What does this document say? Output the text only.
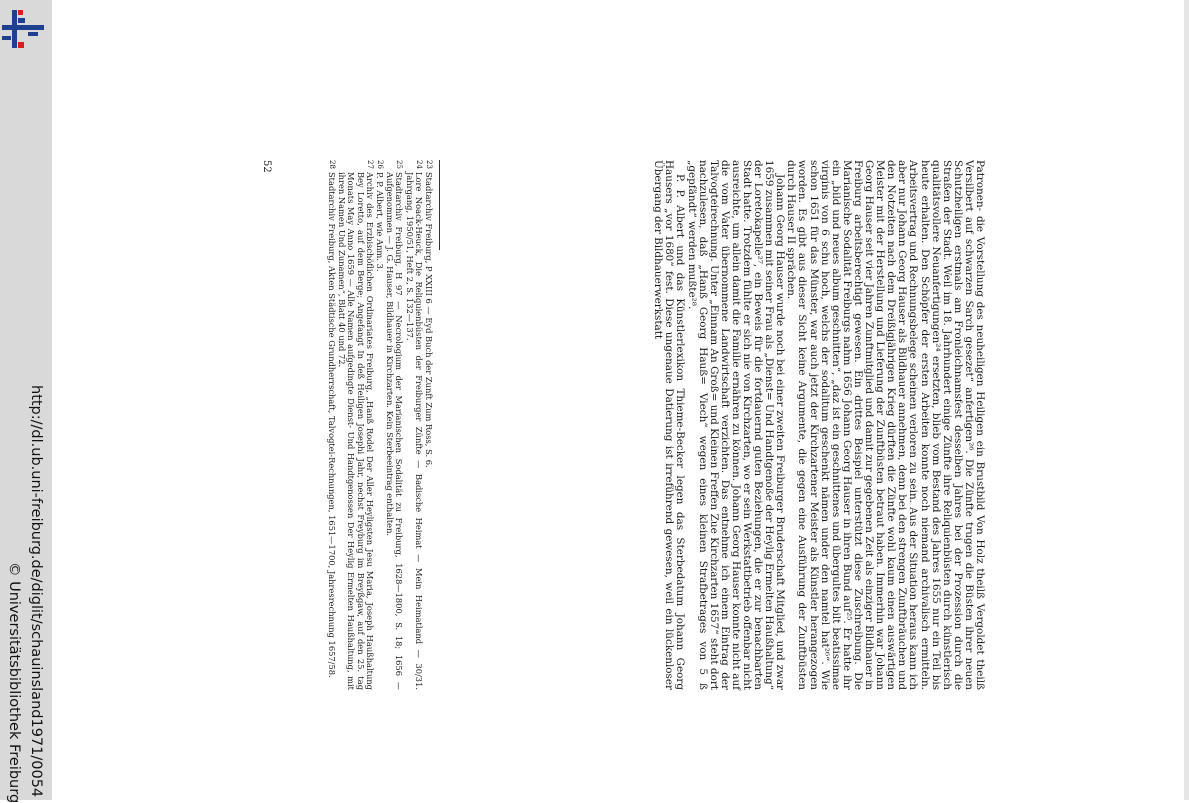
http://dl.ub.uni-freiburg.de/diglit/schauinsland1971/0054
© Universitätsbibliothek Freiburg	Patronen- die Vorstellung des neuheiligen Heiligen ein Brustbild Von Holz theilß Vergoldet theilß Versilbert auf schwarzen Sarch gesezet“ anfertigen²⁶. Die Zünfte trugen die Büsten ihrer neuen Schutzheiligen erstmals am Fronleichnamsfest desselben Jahres bei der Prozession durch die Straßen der Stadt. Weil im 18. Jahrhundert einige Zünfte ihre Reliquienbüsten durch künstlerisch qualitätsvollere Neuanfertigungen²⁴ ersetzten, blieb vom Bestand des Jahres 1655 nur ein Teil bis heute erhalten. Den Schöpfer der ersten Arbeiten konnte noch niemand archivalisch ermitteln. Arbeitsvertrag und Rechnungsbelege scheinen verloren zu sein. Aus der Situation heraus kann ich aber nur Johann Georg Hauser als Bildhauer annehmen, denn bei den strengen Zunftbräuchen und den Notzeiten nach dem Dreißigjährigen Krieg dürften die Zünfte wohl kaum einen auswärtigen Meister mit der Herstellung und Lieferung der Zunftbüsten betraut haben. Immerhin war Johann Georg Hauser seit vier Jahren Zunftmitglied und damit zur gegebenen Zeit als einziger Bildhauer in Freiburg arbeitsberechtigt gewesen. Ein drittes Beispiel unterstützt diese Zuschreibung. Die Marianische Sodalität Freiburgs nahm 1656 Johann Georg Hauser in ihren Bund auf²⁵. Er hatte ihr ein „bild und neues album geschnitten“, „daz ist ein geschnittenes und übergultes bilt beatissimae virginis von 6 schu hoch, welchs der sodalitum geschenkt nämen under den namtel hat²⁶“. Wie schon 1651 für das Münster, war auch jetzt der Kirchzartener Meister als Künstler herangezogen worden. Es gibt aus dieser Sicht keine Argumente, die gegen eine Ausführung der Zunftbüsten durch Hauser II sprächen.

Johann Georg Hauser wurde noch bei einer zweiten Freiburger Bruderschaft Mitglied, und zwar 1659 zusammen mit seiner Frau als „Dienst= Und Handtgenoße der Heylig Ermelten Haußhaltung“ der Loretokapelle²⁷, ein Beweis für die fortdauernd guten Beziehungen, die er zur benachbarten Stadt hatte. Trotzdem fühlte er sich nie von Kirchzarten, wo er sein Werkstattbetrieb offenbar nicht ausreichte, um allein damit die Familie ernähren zu können. Johann Georg Hauser konnte nicht auf die vom Vater übernommene Landwirtschaft verzichten. Das entnehme ich einem Eintrag der Talvogteirechnung. Unter „Einnam An Groß= und Kleinen Freffen Zue Kirchzarten 1657“ steht dort nachzulesen, daß „Hanß Georg Hauß= Viech“ wegen eines kleinen Strafbetrages von 5 ß „gepfändt“ werden mußte²⁸.

P. P. Albert und das Künstlerlexikon Thieme-Becker legen das Sterbedatum Johann Georg Hausers „vor 1680“ fest. Diese ungenaue Datierung ist irreführend gewesen, weil ein lückenloser Übergang der Bildhauerwerkstatt

23Stadtarchiv Freiburg, P XXIII 6 — Eyd Buch der Zunft Zum Ross, S. 6.
24Lore Noack-Heuck, Die Reliquienbüsten der Freiburger Zünfte — Badische Heimat — Mein Heimatland — 30/31. Jahrgang, 1950/51, Heft 2, S. 132—137.
25Stadtarchiv Freiburg, H 97 — Necrologium der Marianischen Sodalität zu Freiburg, 1628—1800, S. 18; 1656 — Aufgenommen — J. G. Hauser, Bildhauer in Kirchzarten. Kein Sterbeeintrag enthalten.
26P. P. Albert, wie Anm. 3.
27Archiv des Erzbischöflichen Ordinariates Freiburg, „Hanß Rodel Der Aller Heyligsten Jesu Maria, Joseph Haußhaltung Bey Loretto, auf dem Berge; Angefangt In deß Heiligen Josephi Jahr, nechst Freyburg im Breyßgaw, auf den 25. tag Monats May Anno 1659 — Alle Namen aufgedingte Dienst- Und Handtgenossen Der Heylig Ermelten Haußhaltung, mit ihren Namen Und Zunamen“, Blatt 40 und 72.
28Stadtarchiv Freiburg, Akten Städtische Grundherrschaft, Talvogtei-Rechnungen, 1651—1700, Jahresrechnung 1657/58.
52
